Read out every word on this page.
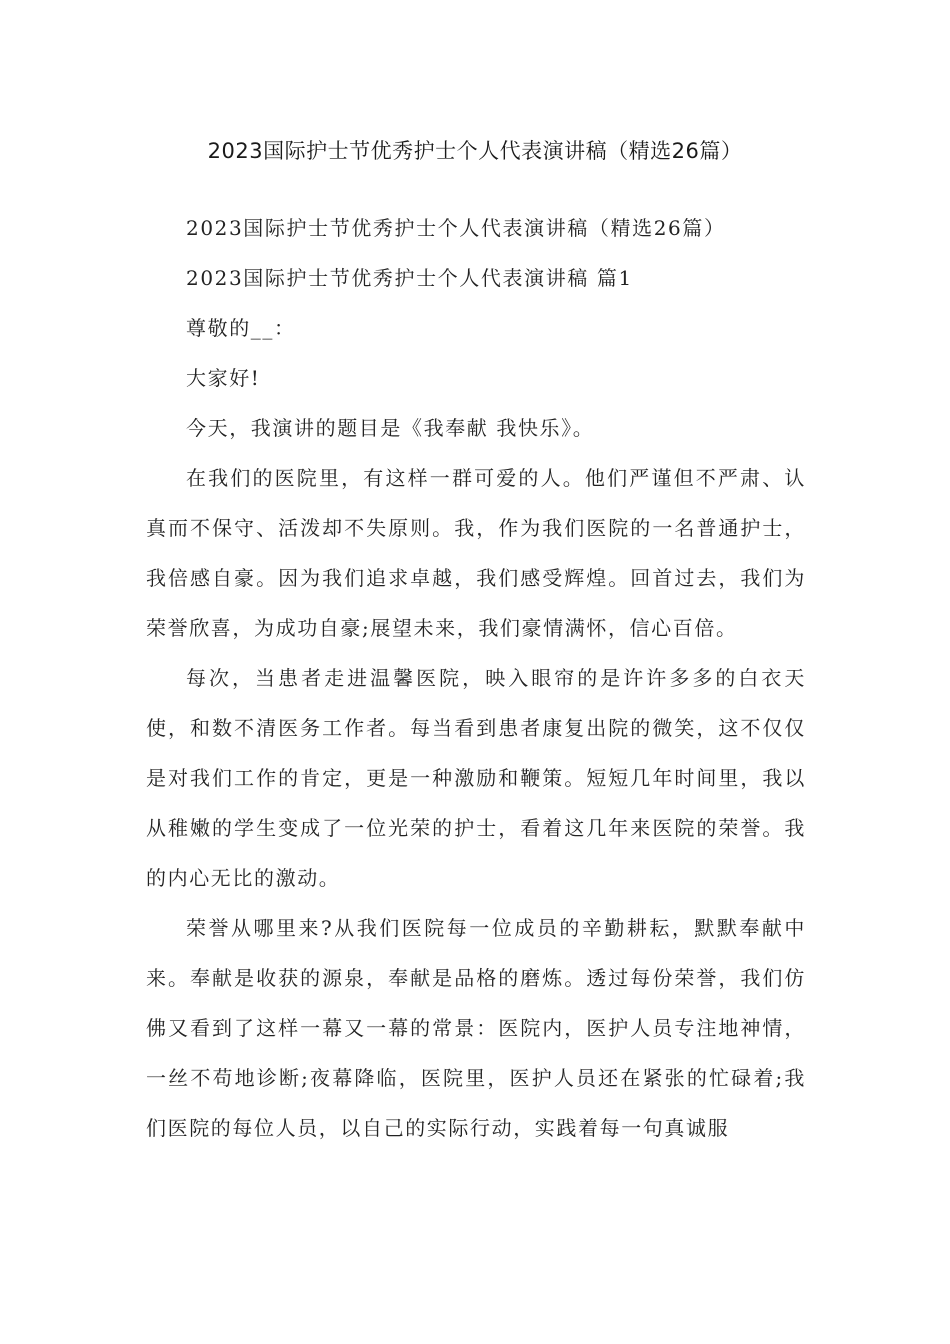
2023国际护士节优秀护士个人代表演讲稿（精选26篇）

2023国际护士节优秀护士个人代表演讲稿（精选26篇）

2023国际护士节优秀护士个人代表演讲稿 篇1

尊敬的__：

大家好!

今天，我演讲的题目是《我奉献 我快乐》。

在我们的医院里，有这样一群可爱的人。他们严谨但不严肃、认真而不保守、活泼却不失原则。我，作为我们医院的一名普通护士，我倍感自豪。因为我们追求卓越，我们感受辉煌。回首过去，我们为荣誉欣喜，为成功自豪;展望未来，我们豪情满怀，信心百倍。

每次，当患者走进温馨医院，映入眼帘的是许许多多的白衣天使，和数不清医务工作者。每当看到患者康复出院的微笑，这不仅仅是对我们工作的肯定，更是一种激励和鞭策。短短几年时间里，我以从稚嫩的学生变成了一位光荣的护士，看着这几年来医院的荣誉。我的内心无比的激动。

荣誉从哪里来?从我们医院每一位成员的辛勤耕耘，默默奉献中来。奉献是收获的源泉，奉献是品格的磨炼。透过每份荣誉，我们仿佛又看到了这样一幕又一幕的常景：医院内，医护人员专注地神情，一丝不苟地诊断;夜幕降临，医院里，医护人员还在紧张的忙碌着;我们医院的每位人员，以自己的实际行动，实践着每一句真诚服
